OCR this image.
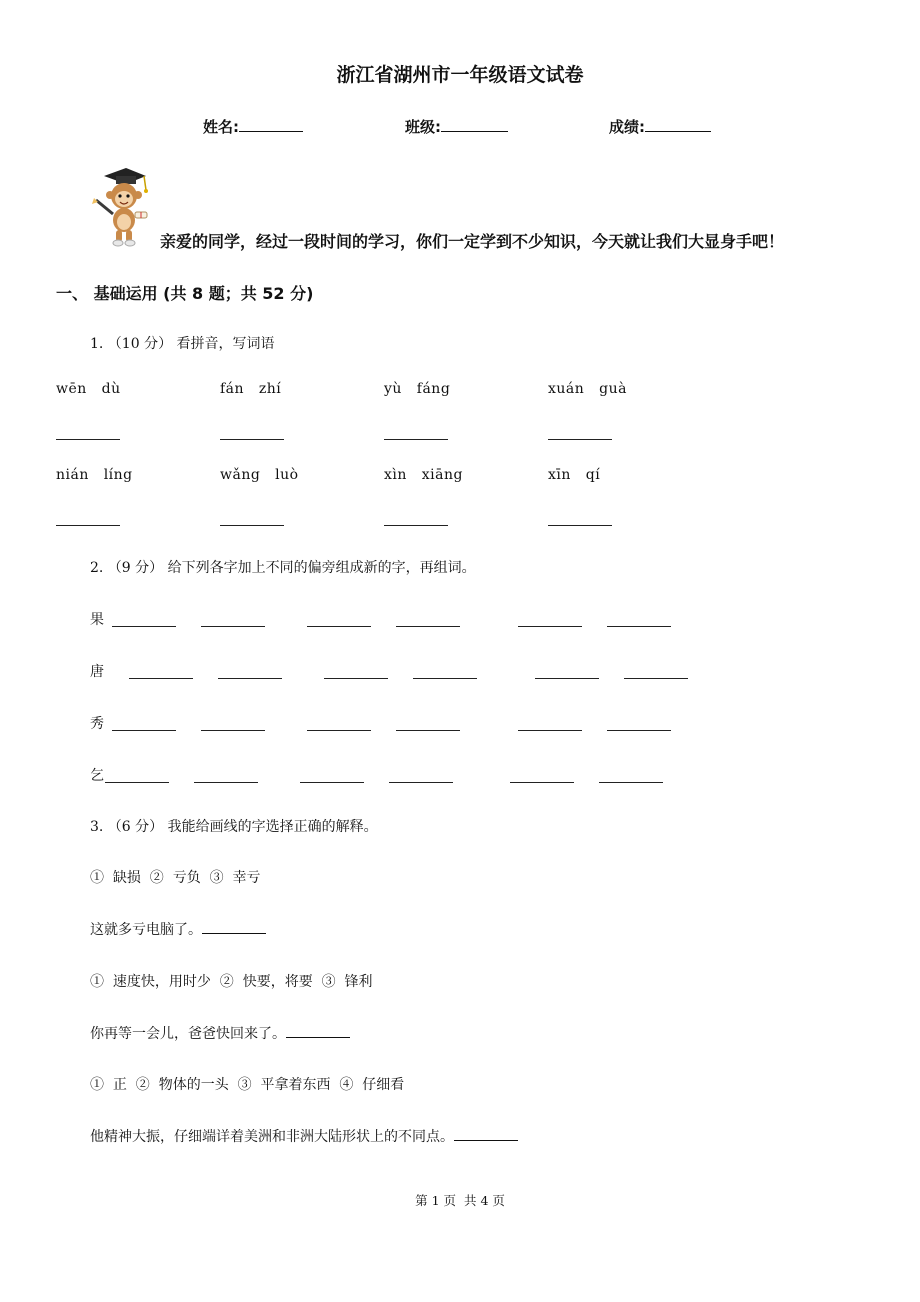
浙江省湖州市一年级语文试卷
姓名:	班级:	成绩:
亲爱的同学，经过一段时间的学习，你们一定学到不少知识，今天就让我们大显身手吧！
一、 基础运用 (共 8 题；共 52 分)
1. （10 分） 看拼音，写词语
wēn   dù	fán   zhí	yù   fáng	xuán   guà
nián   líng	wǎng   luò	xìn   xiāng	xīn   qí
2. （9 分） 给下列各字加上不同的偏旁组成新的字，再组词。
果
唐
秀
乞
3. （6 分） 我能给画线的字选择正确的解释。
①  缺损  ②  亏负  ③  幸亏
这就多亏电脑了。
①  速度快，用时少  ②  快要，将要  ③  锋利
你再等一会儿，爸爸快回来了。
①  正  ②  物体的一头  ③  平拿着东西  ④  仔细看
他精神大振，仔细端详着美洲和非洲大陆形状上的不同点。
第 1 页  共 4 页
